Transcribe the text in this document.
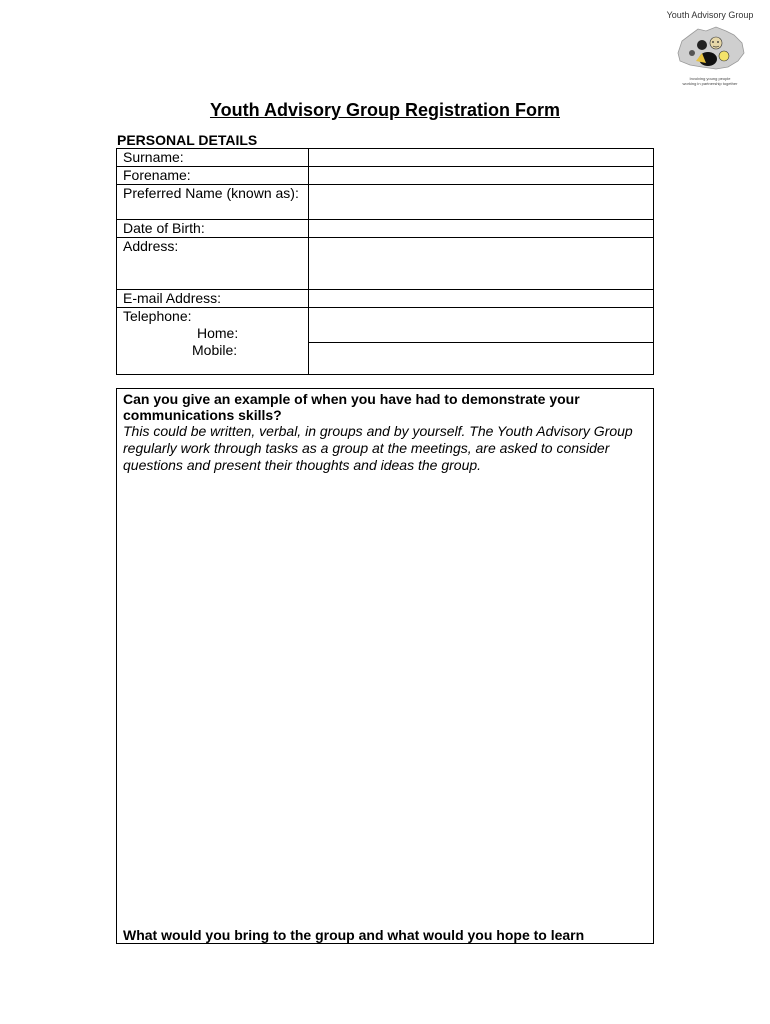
Youth Advisory Group
Involving young people
working in partnership together
Youth Advisory Group Registration Form
PERSONAL DETAILS
Surname:	
Forename:	
Preferred Name (known as):	
Date of Birth:	
Address:	
E-mail Address:	

Telephone:
Home:
Mobile:	

Can you give an example of when you have had to demonstrate your communications skills?
This could be written, verbal, in groups and by yourself. The Youth Advisory Group regularly work through tasks as a group at the meetings, are asked to consider questions and present their thoughts and ideas the group.
What would you bring to the group and what would you hope to learn
